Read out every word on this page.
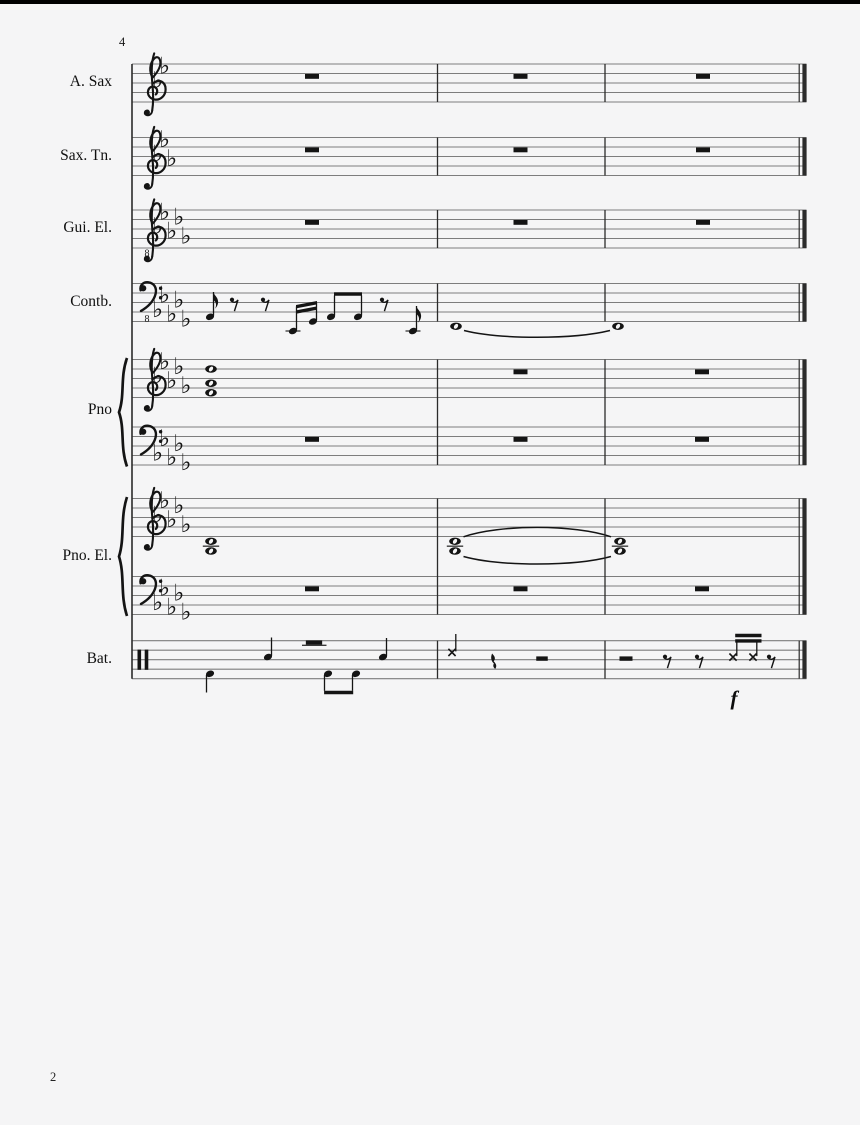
♭
♭
♭
♭
♭
8
♭
♭
♭
♭
♭
8 ♭
♭
♭
♭
♭
♭
♭
♭
♭
♭
♭
♭
♭
♭
♭
♭
♭
♭
♭
♭
♭
♭
♭
♭
♭
4
A. Sax
Sax. Tn.
Gui. El.
Contb.
Pno
Pno. El.
Bat.
f
2
